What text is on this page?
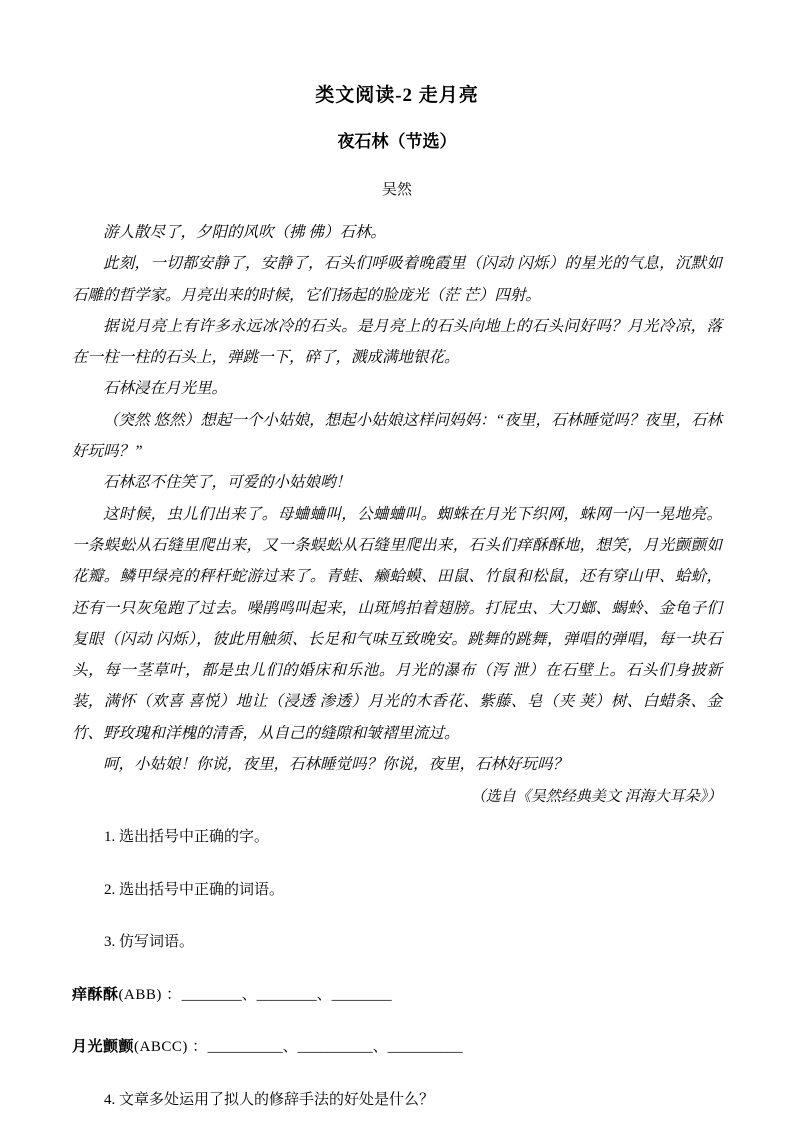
类文阅读-2 走月亮
夜石林（节选）
吴然

游人散尽了，夕阳的风吹（拂 佛）石林。

此刻，一切都安静了，安静了，石头们呼吸着晚霞里（闪动 闪烁）的星光的气息，沉默如石雕的哲学家。月亮出来的时候，它们扬起的脸庞光（茫 芒）四射。

据说月亮上有许多永远冰冷的石头。是月亮上的石头向地上的石头问好吗？月光冷凉，落在一柱一柱的石头上，弹跳一下，碎了，溅成满地银花。

石林浸在月光里。

（突然 悠然）想起一个小姑娘，想起小姑娘这样问妈妈：“夜里，石林睡觉吗？夜里，石林好玩吗？”

石林忍不住笑了，可爱的小姑娘哟！

这时候，虫儿们出来了。母蛐蛐叫，公蛐蛐叫。蜘蛛在月光下织网，蛛网一闪一晃地亮。一条蜈蚣从石缝里爬出来，又一条蜈蚣从石缝里爬出来，石头们痒酥酥地，想笑，月光颤颤如花瓣。鳞甲绿亮的秤杆蛇游过来了。青蛙、癞蛤蟆、田鼠、竹鼠和松鼠，还有穿山甲、蛤蚧，还有一只灰兔跑了过去。噪鹃鸣叫起来，山斑鸠拍着翅膀。打屁虫、大刀螂、蝎蛉、金龟子们复眼（闪动 闪烁），彼此用触须、长足和气味互致晚安。跳舞的跳舞，弹唱的弹唱，每一块石头，每一茎草叶，都是虫儿们的婚床和乐池。月光的瀑布（泻 泄）在石壁上。石头们身披新装，满怀（欢喜 喜悦）地让（浸透 渗透）月光的木香花、紫藤、皂（夹 荚）树、白蜡条、金竹、野玫瑰和洋槐的清香，从自己的缝隙和皱褶里流过。

呵，小姑娘！你说，夜里，石林睡觉吗？你说，夜里，石林好玩吗？

（选自《吴然经典美文 洱海大耳朵》）
1. 选出括号中正确的字。
2. 选出括号中正确的词语。
3. 仿写词语。
痒酥酥(ABB) ：________、________、________
月光颤颤(ABCC) ：__________、__________、__________
4. 文章多处运用了拟人的修辞手法的好处是什么？
